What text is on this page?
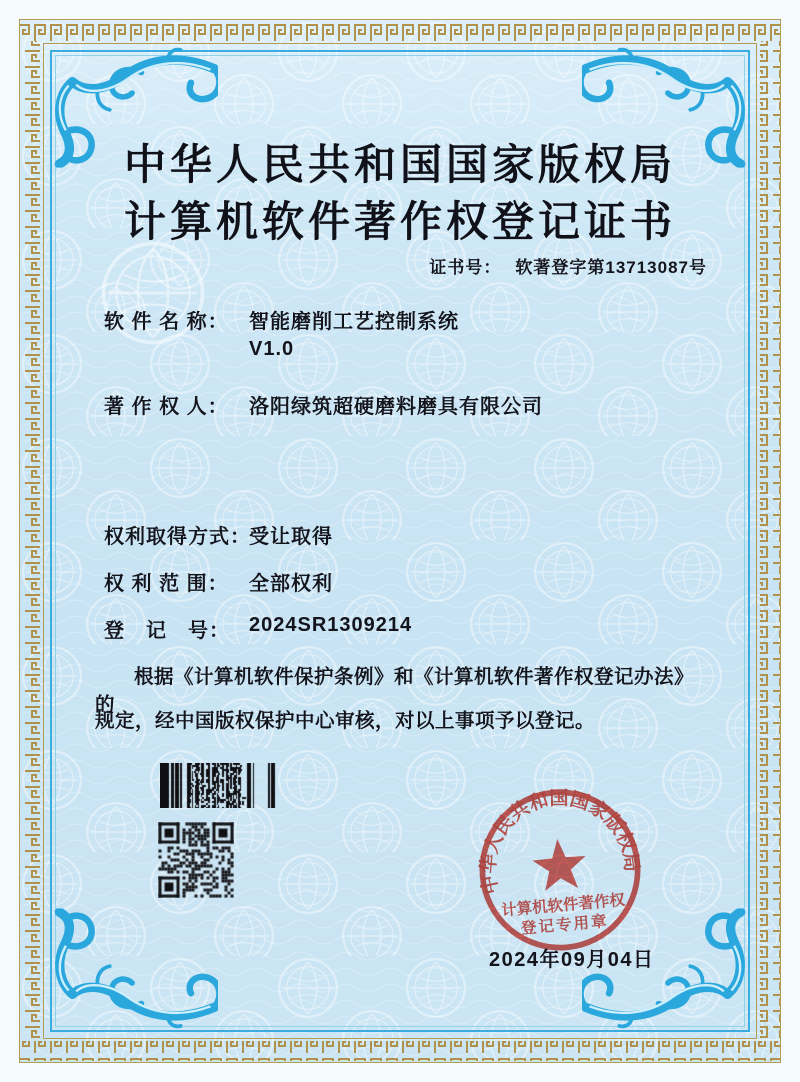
中华人民共和国国家版权局
计算机软件著作权登记证书
证书号： 软著登字第13713087号
软 件 名 称： 智能磨削工艺控制系统
V1.0
著 作 权 人： 洛阳绿筑超硬磨料磨具有限公司
权利取得方式：
受让取得
权 利 范 围： 全部权利
登　记　号： 2024SR1309214
根据《计算机软件保护条例》和《计算机软件著作权登记办法》的
规定，经中国版权保护中心审核，对以上事项予以登记。
中华人民共和国国家版权局
计算机软件著作权
登记专用章
2024年09月04日
